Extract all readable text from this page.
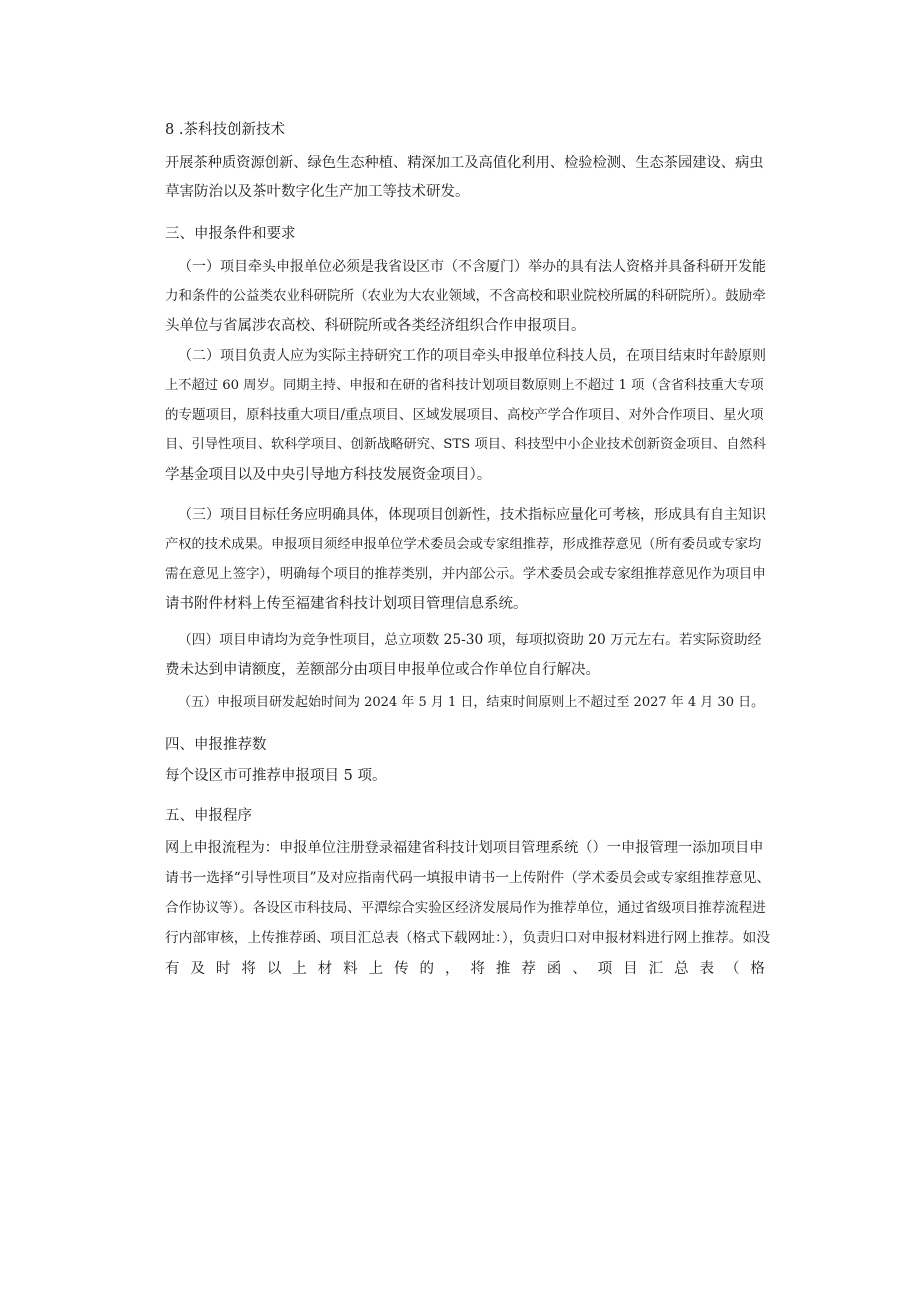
8 .茶科技创新技术
开展茶种质资源创新、绿色生态种植、精深加工及高值化利用、检验检测、生态茶园建设、病虫
草害防治以及茶叶数字化生产加工等技术研发。
三、申报条件和要求
（一）项目牵头申报单位必须是我省设区市（不含厦门）举办的具有法人资格并具备科研开发能
力和条件的公益类农业科研院所（农业为大农业领域，不含高校和职业院校所属的科研院所）。鼓励牵
头单位与省属涉农高校、科研院所或各类经济组织合作申报项目。
（二）项目负责人应为实际主持研究工作的项目牵头申报单位科技人员，在项目结束时年龄原则
上不超过 60 周岁。同期主持、申报和在研的省科技计划项目数原则上不超过 1 项（含省科技重大专项
的专题项目，原科技重大项目/重点项目、区域发展项目、高校产学合作项目、对外合作项目、星火项
目、引导性项目、软科学项目、创新战略研究、STS 项目、科技型中小企业技术创新资金项目、自然科
学基金项目以及中央引导地方科技发展资金项目）。
（三）项目目标任务应明确具体，体现项目创新性，技术指标应量化可考核，形成具有自主知识
产权的技术成果。申报项目须经申报单位学术委员会或专家组推荐，形成推荐意见（所有委员或专家均
需在意见上签字），明确每个项目的推荐类别，并内部公示。学术委员会或专家组推荐意见作为项目申
请书附件材料上传至福建省科技计划项目管理信息系统。
（四）项目申请均为竞争性项目，总立项数 25-30 项，每项拟资助 20 万元左右。若实际资助经
费未达到申请额度，差额部分由项目申报单位或合作单位自行解决。
（五）申报项目研发起始时间为 2024 年 5 月 1 日，结束时间原则上不超过至 2027 年 4 月 30 日。
四、申报推荐数
每个设区市可推荐申报项目 5 项。
五、申报程序
网上申报流程为：申报单位注册登录福建省科技计划项目管理系统（）一申报管理一添加项目申
请书一选择“引导性项目”及对应指南代码一填报申请书一上传附件（学术委员会或专家组推荐意见、
合作协议等）。各设区市科技局、平潭综合实验区经济发展局作为推荐单位，通过省级项目推荐流程进
行内部审核，上传推荐函、项目汇总表（格式下载网址：），负责归口对申报材料进行网上推荐。如没
有 及 时 将 以 上 材 料 上 传 的 ， 将 推 荐 函 、 项 目 汇 总 表 （ 格
